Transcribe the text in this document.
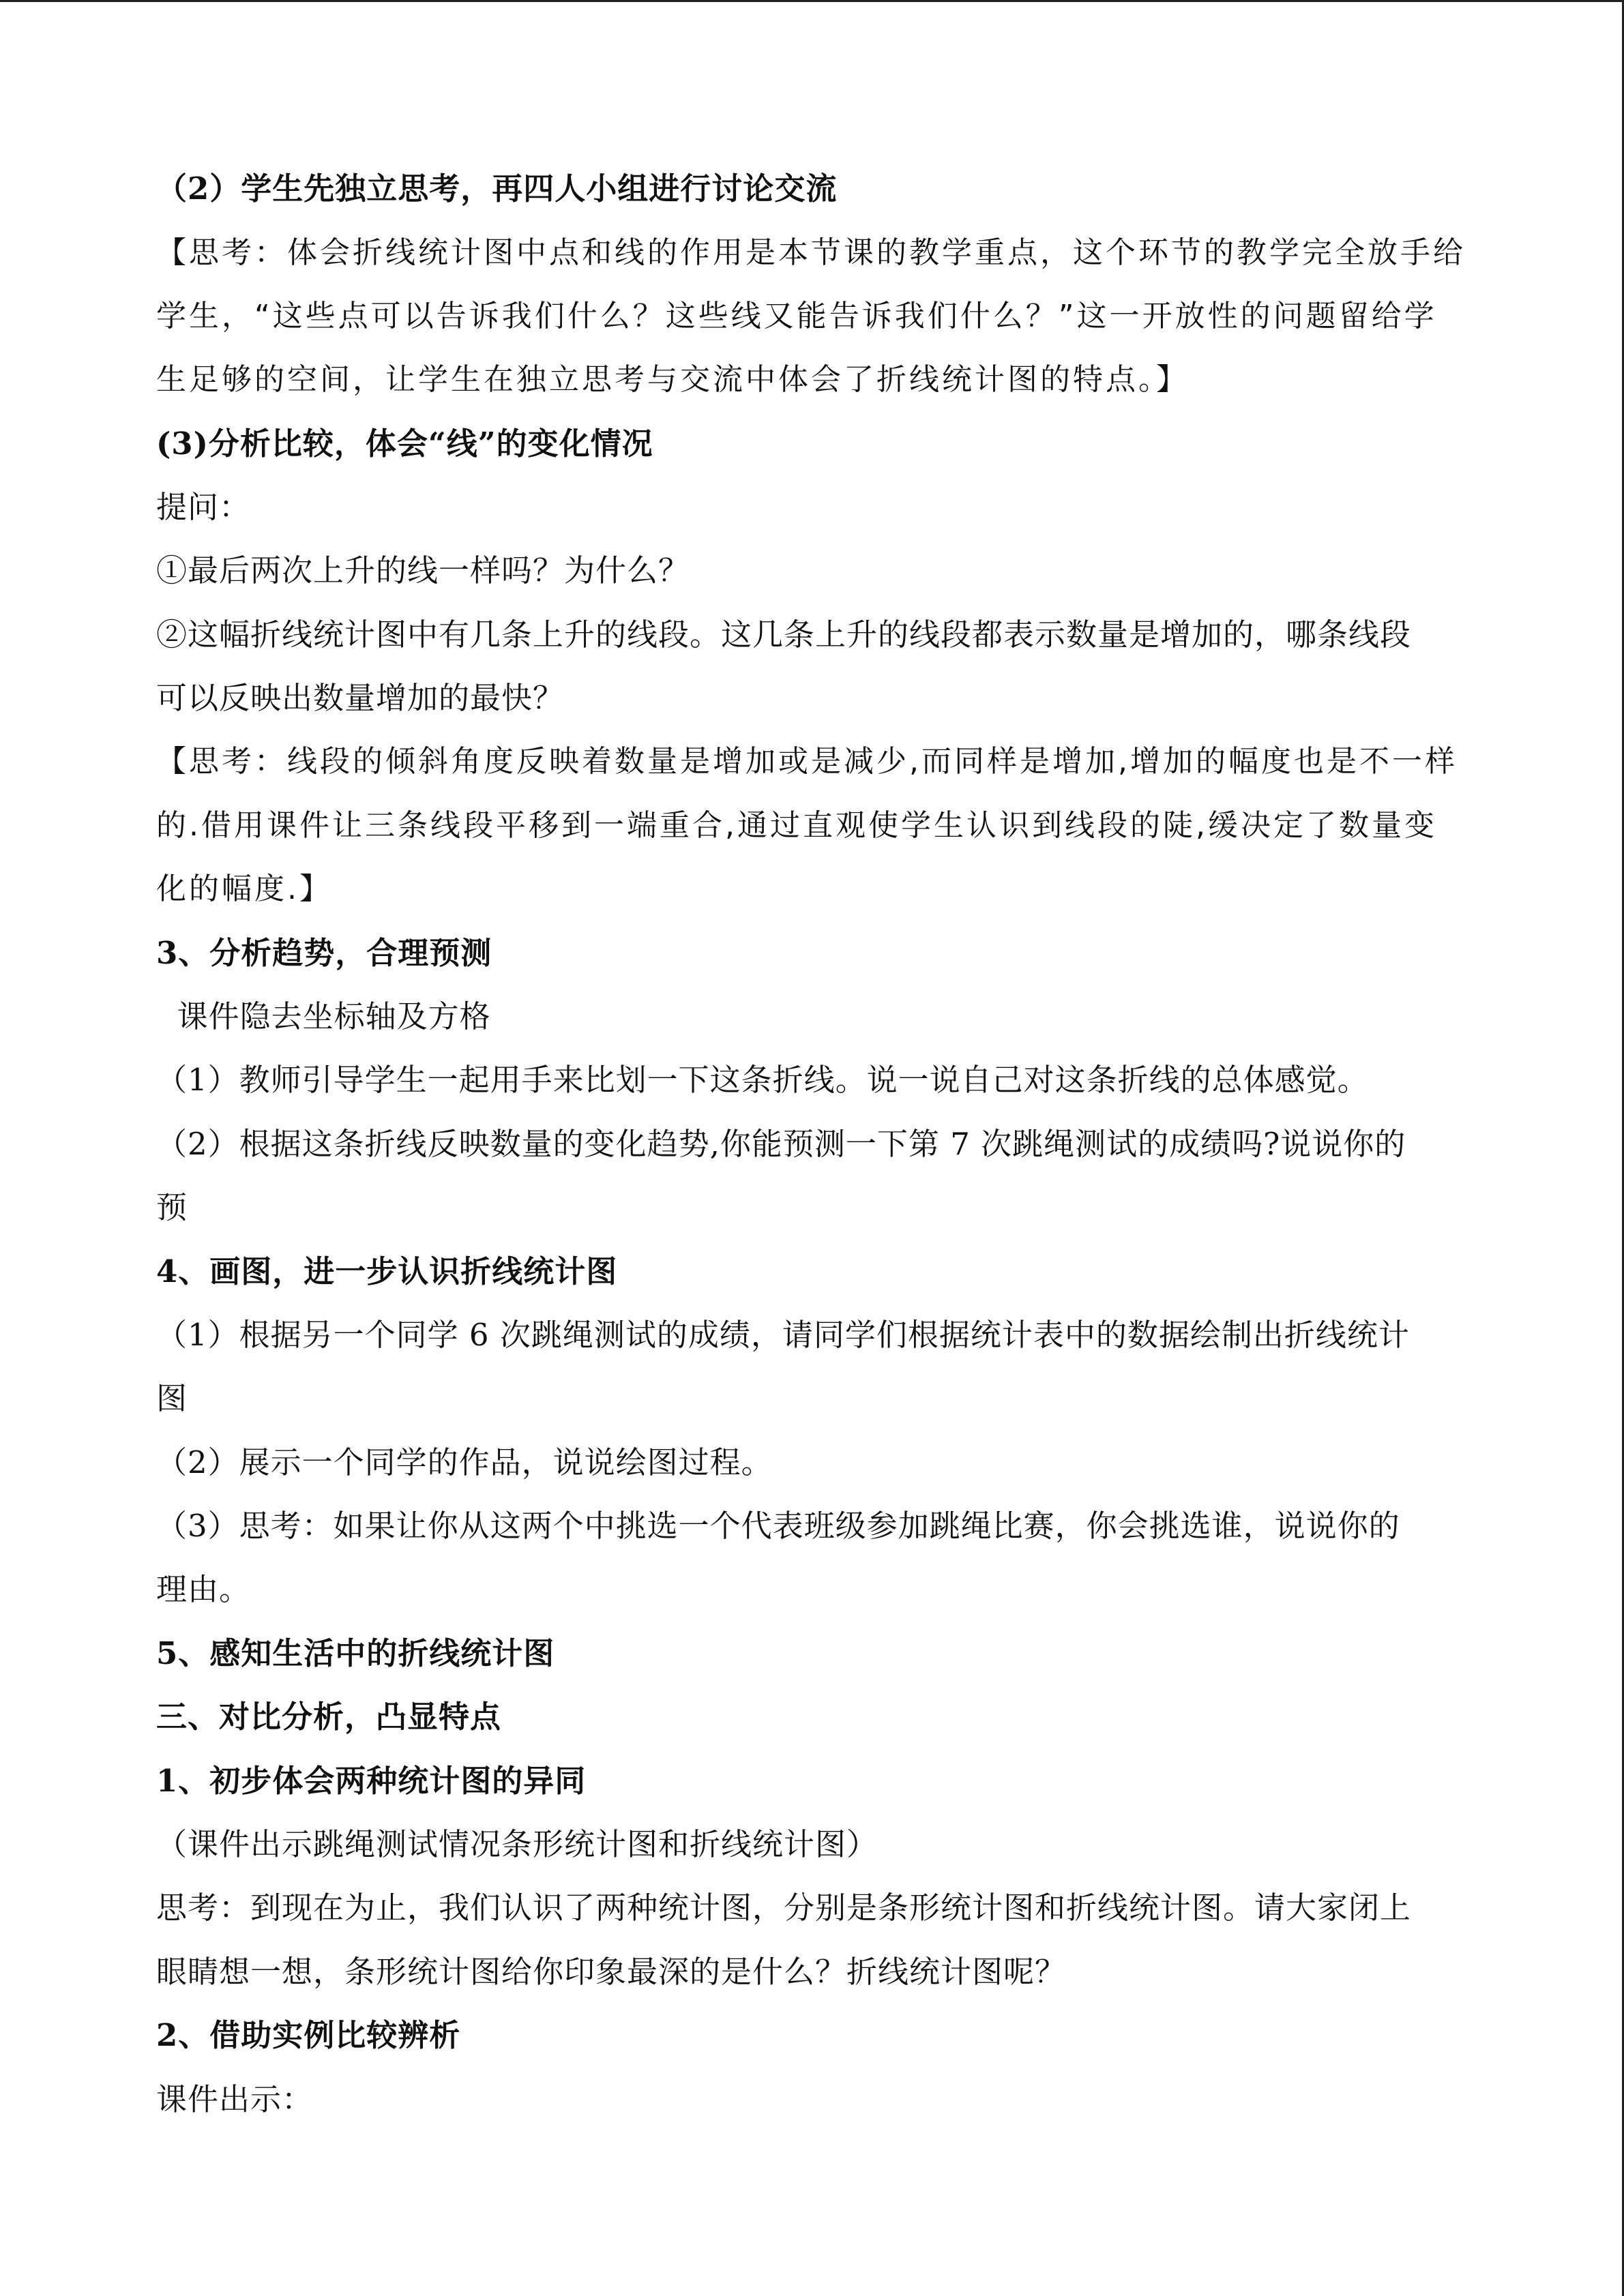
（2）学生先独立思考，再四人小组进行讨论交流
【思考：体会折线统计图中点和线的作用是本节课的教学重点，这个环节的教学完全放手给
学生，“这些点可以告诉我们什么？这些线又能告诉我们什么？”这一开放性的问题留给学
生足够的空间，让学生在独立思考与交流中体会了折线统计图的特点。】
(3)分析比较，体会“线”的变化情况
提问：
①最后两次上升的线一样吗？为什么？
②这幅折线统计图中有几条上升的线段。这几条上升的线段都表示数量是增加的，哪条线段
可以反映出数量增加的最快？
【思考：线段的倾斜角度反映着数量是增加或是减少,而同样是增加,增加的幅度也是不一样
的.借用课件让三条线段平移到一端重合,通过直观使学生认识到线段的陡,缓决定了数量变
化的幅度.】
3、分析趋势，合理预测
课件隐去坐标轴及方格
（1）教师引导学生一起用手来比划一下这条折线。说一说自己对这条折线的总体感觉。
（2）根据这条折线反映数量的变化趋势,你能预测一下第 7 次跳绳测试的成绩吗?说说你的
预
4、画图，进一步认识折线统计图
（1）根据另一个同学 6 次跳绳测试的成绩，请同学们根据统计表中的数据绘制出折线统计
图
（2）展示一个同学的作品，说说绘图过程。
（3）思考：如果让你从这两个中挑选一个代表班级参加跳绳比赛，你会挑选谁，说说你的
理由。
5、感知生活中的折线统计图
三、对比分析，凸显特点
1、初步体会两种统计图的异同
（课件出示跳绳测试情况条形统计图和折线统计图）
思考：到现在为止，我们认识了两种统计图，分别是条形统计图和折线统计图。请大家闭上
眼睛想一想，条形统计图给你印象最深的是什么？折线统计图呢？
2、借助实例比较辨析
课件出示：
